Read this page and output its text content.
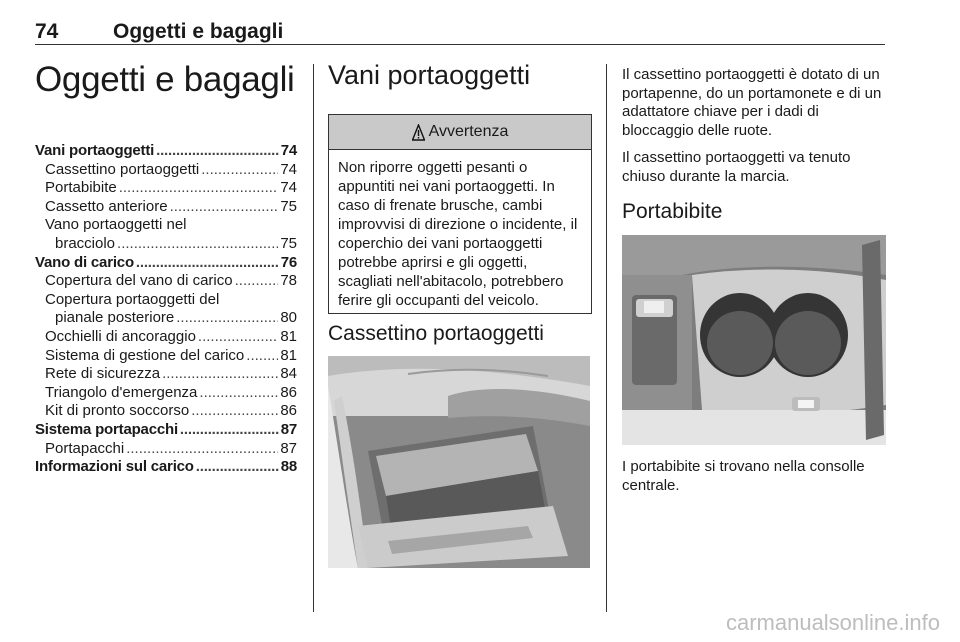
74	Oggetti e bagagli
Oggetti e bagagli
Vani portaoggetti .....	74
Cassettino portaoggetti .....	74
Portabibite .....	74
Cassetto anteriore .....	75
Vano portaoggetti nel
bracciolo .....	75
Vano di carico .....	76
Copertura del vano di carico .....	78
Copertura portaoggetti del
pianale posteriore .....	80
Occhielli di ancoraggio .....	81
Sistema di gestione del carico ..... 81
Rete di sicurezza .....	84
Triangolo d'emergenza .....	86
Kit di pronto soccorso .....	86
Sistema portapacchi .....	87
Portapacchi .....	87
Informazioni sul carico .....	88
Vani portaoggetti
Avvertenza
Non riporre oggetti pesanti o appuntiti nei vani portaoggetti. In caso di frenate brusche, cambi improvvisi di direzione o incidente, il coperchio dei vani portaoggetti potrebbe aprirsi e gli oggetti, scagliati nell'abitacolo, potrebbero ferire gli occupanti del veicolo.
Cassettino portaoggetti

Il cassettino portaoggetti è dotato di un portapenne, do un portamonete e di un adattatore chiave per i dadi di bloccaggio delle ruote.

Il cassettino portaoggetti va tenuto chiuso durante la marcia.

Portabibite
I portabibite si trovano nella consolle centrale.
carmanualsonline.info
